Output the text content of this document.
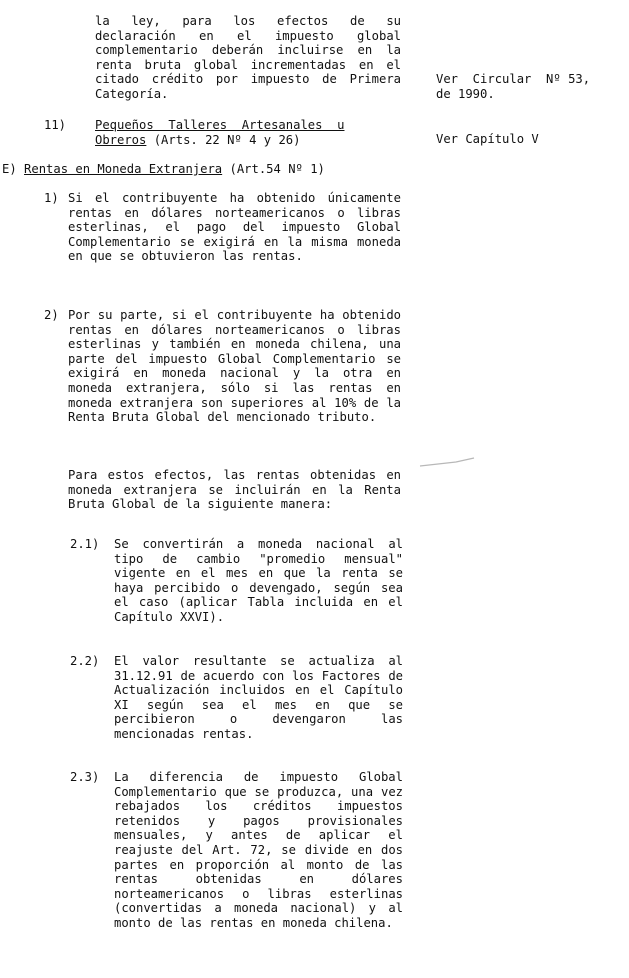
la ley, para los efectos de su declaración en el impuesto global complementario deberán incluirse en la renta bruta global incrementadas en el citado crédito por impuesto de Primera Categoría.
Ver  Circular  Nº 53,
de 1990.
Ver Capítulo V
11) Pequeños  Talleres  Artesanales  u
Obreros (Arts. 22 Nº 4 y 26)
E) Rentas en Moneda Extranjera (Art.54 Nº 1)
1) Si el contribuyente ha obtenido únicamente rentas en dólares norteamericanos o libras esterlinas, el pago del impuesto Global Complementario se exigirá en la misma moneda en que se obtuvieron las rentas.
2) Por su parte, si el contribuyente ha obtenido rentas en dólares norteamericanos o libras esterlinas y también en moneda chilena, una parte del impuesto Global Complementario se exigirá en moneda nacional y la otra en moneda extranjera, sólo si las rentas en moneda extranjera son superiores al 10% de la Renta Bruta Global del mencionado tributo.
Para estos efectos, las rentas obtenidas en moneda extranjera se incluirán en la Renta Bruta Global de la siguiente manera:
2.1) Se convertirán a moneda nacional al tipo de cambio "promedio mensual" vigente en el mes en que la renta se haya percibido o devengado, según sea el caso (aplicar Tabla incluida en el Capítulo XXVI).
2.2) El valor resultante se actualiza al 31.12.91 de acuerdo con los Factores de Actualización incluidos en el Capítulo XI según sea el mes en que se percibieron o devengaron las mencionadas rentas.
2.3) La diferencia de impuesto Global Complementario que se produzca, una vez rebajados los créditos impuestos retenidos y pagos provisionales mensuales, y antes de aplicar el reajuste del Art. 72, se divide en dos partes en proporción al monto de las rentas obtenidas en dólares norteamericanos o libras esterlinas (convertidas a moneda nacional) y al monto de las rentas en moneda chilena.
